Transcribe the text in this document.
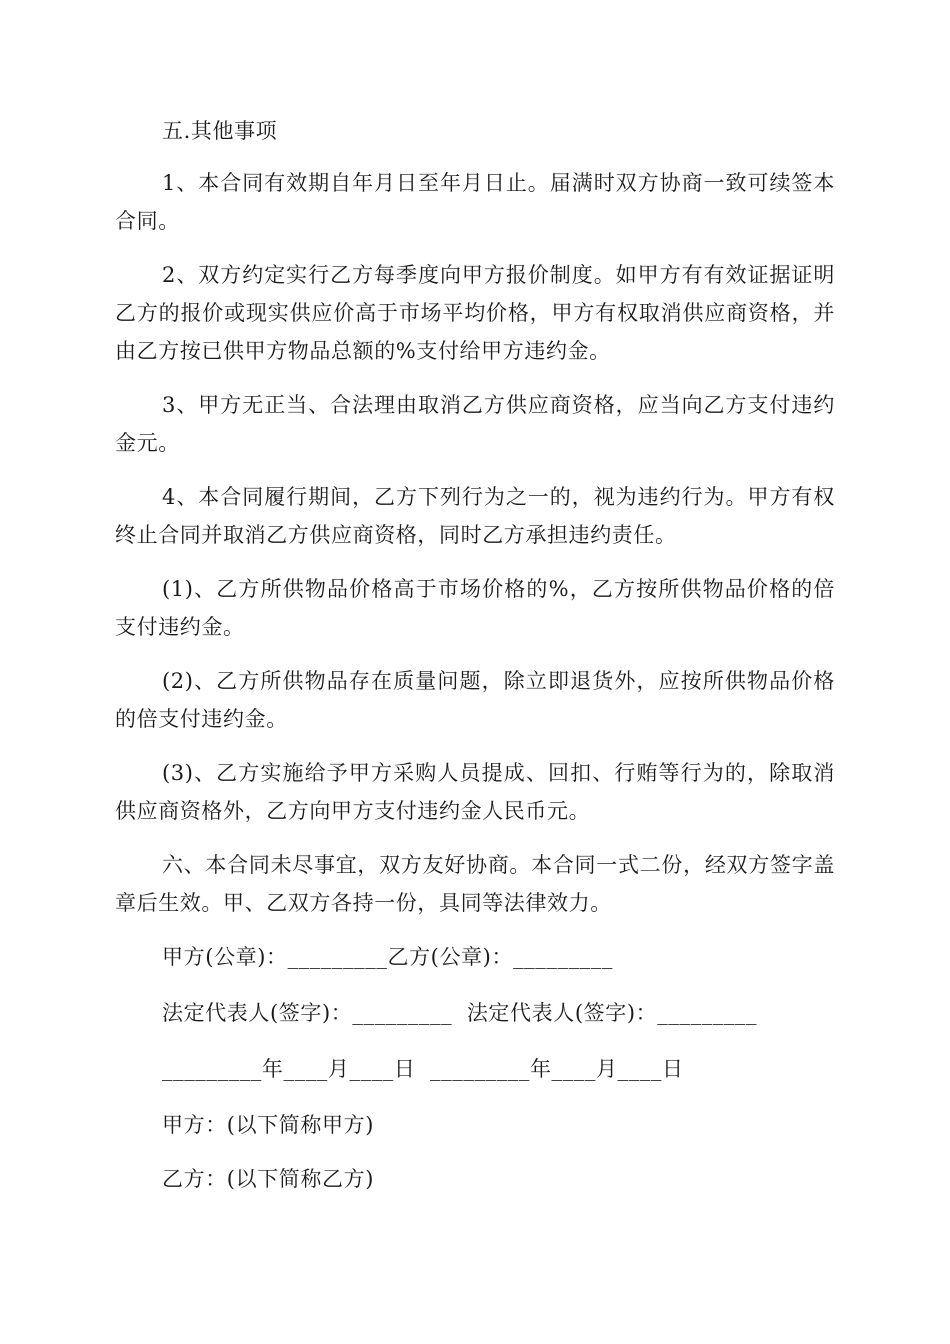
五.其他事项

1、本合同有效期自年月日至年月日止。届满时双方协商一致可续签本合同。

2、双方约定实行乙方每季度向甲方报价制度。如甲方有有效证据证明乙方的报价或现实供应价高于市场平均价格，甲方有权取消供应商资格，并由乙方按已供甲方物品总额的%支付给甲方违约金。

3、甲方无正当、合法理由取消乙方供应商资格，应当向乙方支付违约金元。

4、本合同履行期间，乙方下列行为之一的，视为违约行为。甲方有权终止合同并取消乙方供应商资格，同时乙方承担违约责任。

(1)、乙方所供物品价格高于市场价格的%，乙方按所供物品价格的倍支付违约金。

(2)、乙方所供物品存在质量问题，除立即退货外，应按所供物品价格的倍支付违约金。

(3)、乙方实施给予甲方采购人员提成、回扣、行贿等行为的，除取消供应商资格外，乙方向甲方支付违约金人民币元。

六、本合同未尽事宜，双方友好协商。本合同一式二份，经双方签字盖章后生效。甲、乙双方各持一份，具同等法律效力。

甲方(公章)：_________乙方(公章)：_________

法定代表人(签字)：_________  法定代表人(签字)：_________

_________年____月____日  _________年____月____日

甲方：(以下简称甲方)

乙方：(以下简称乙方)
